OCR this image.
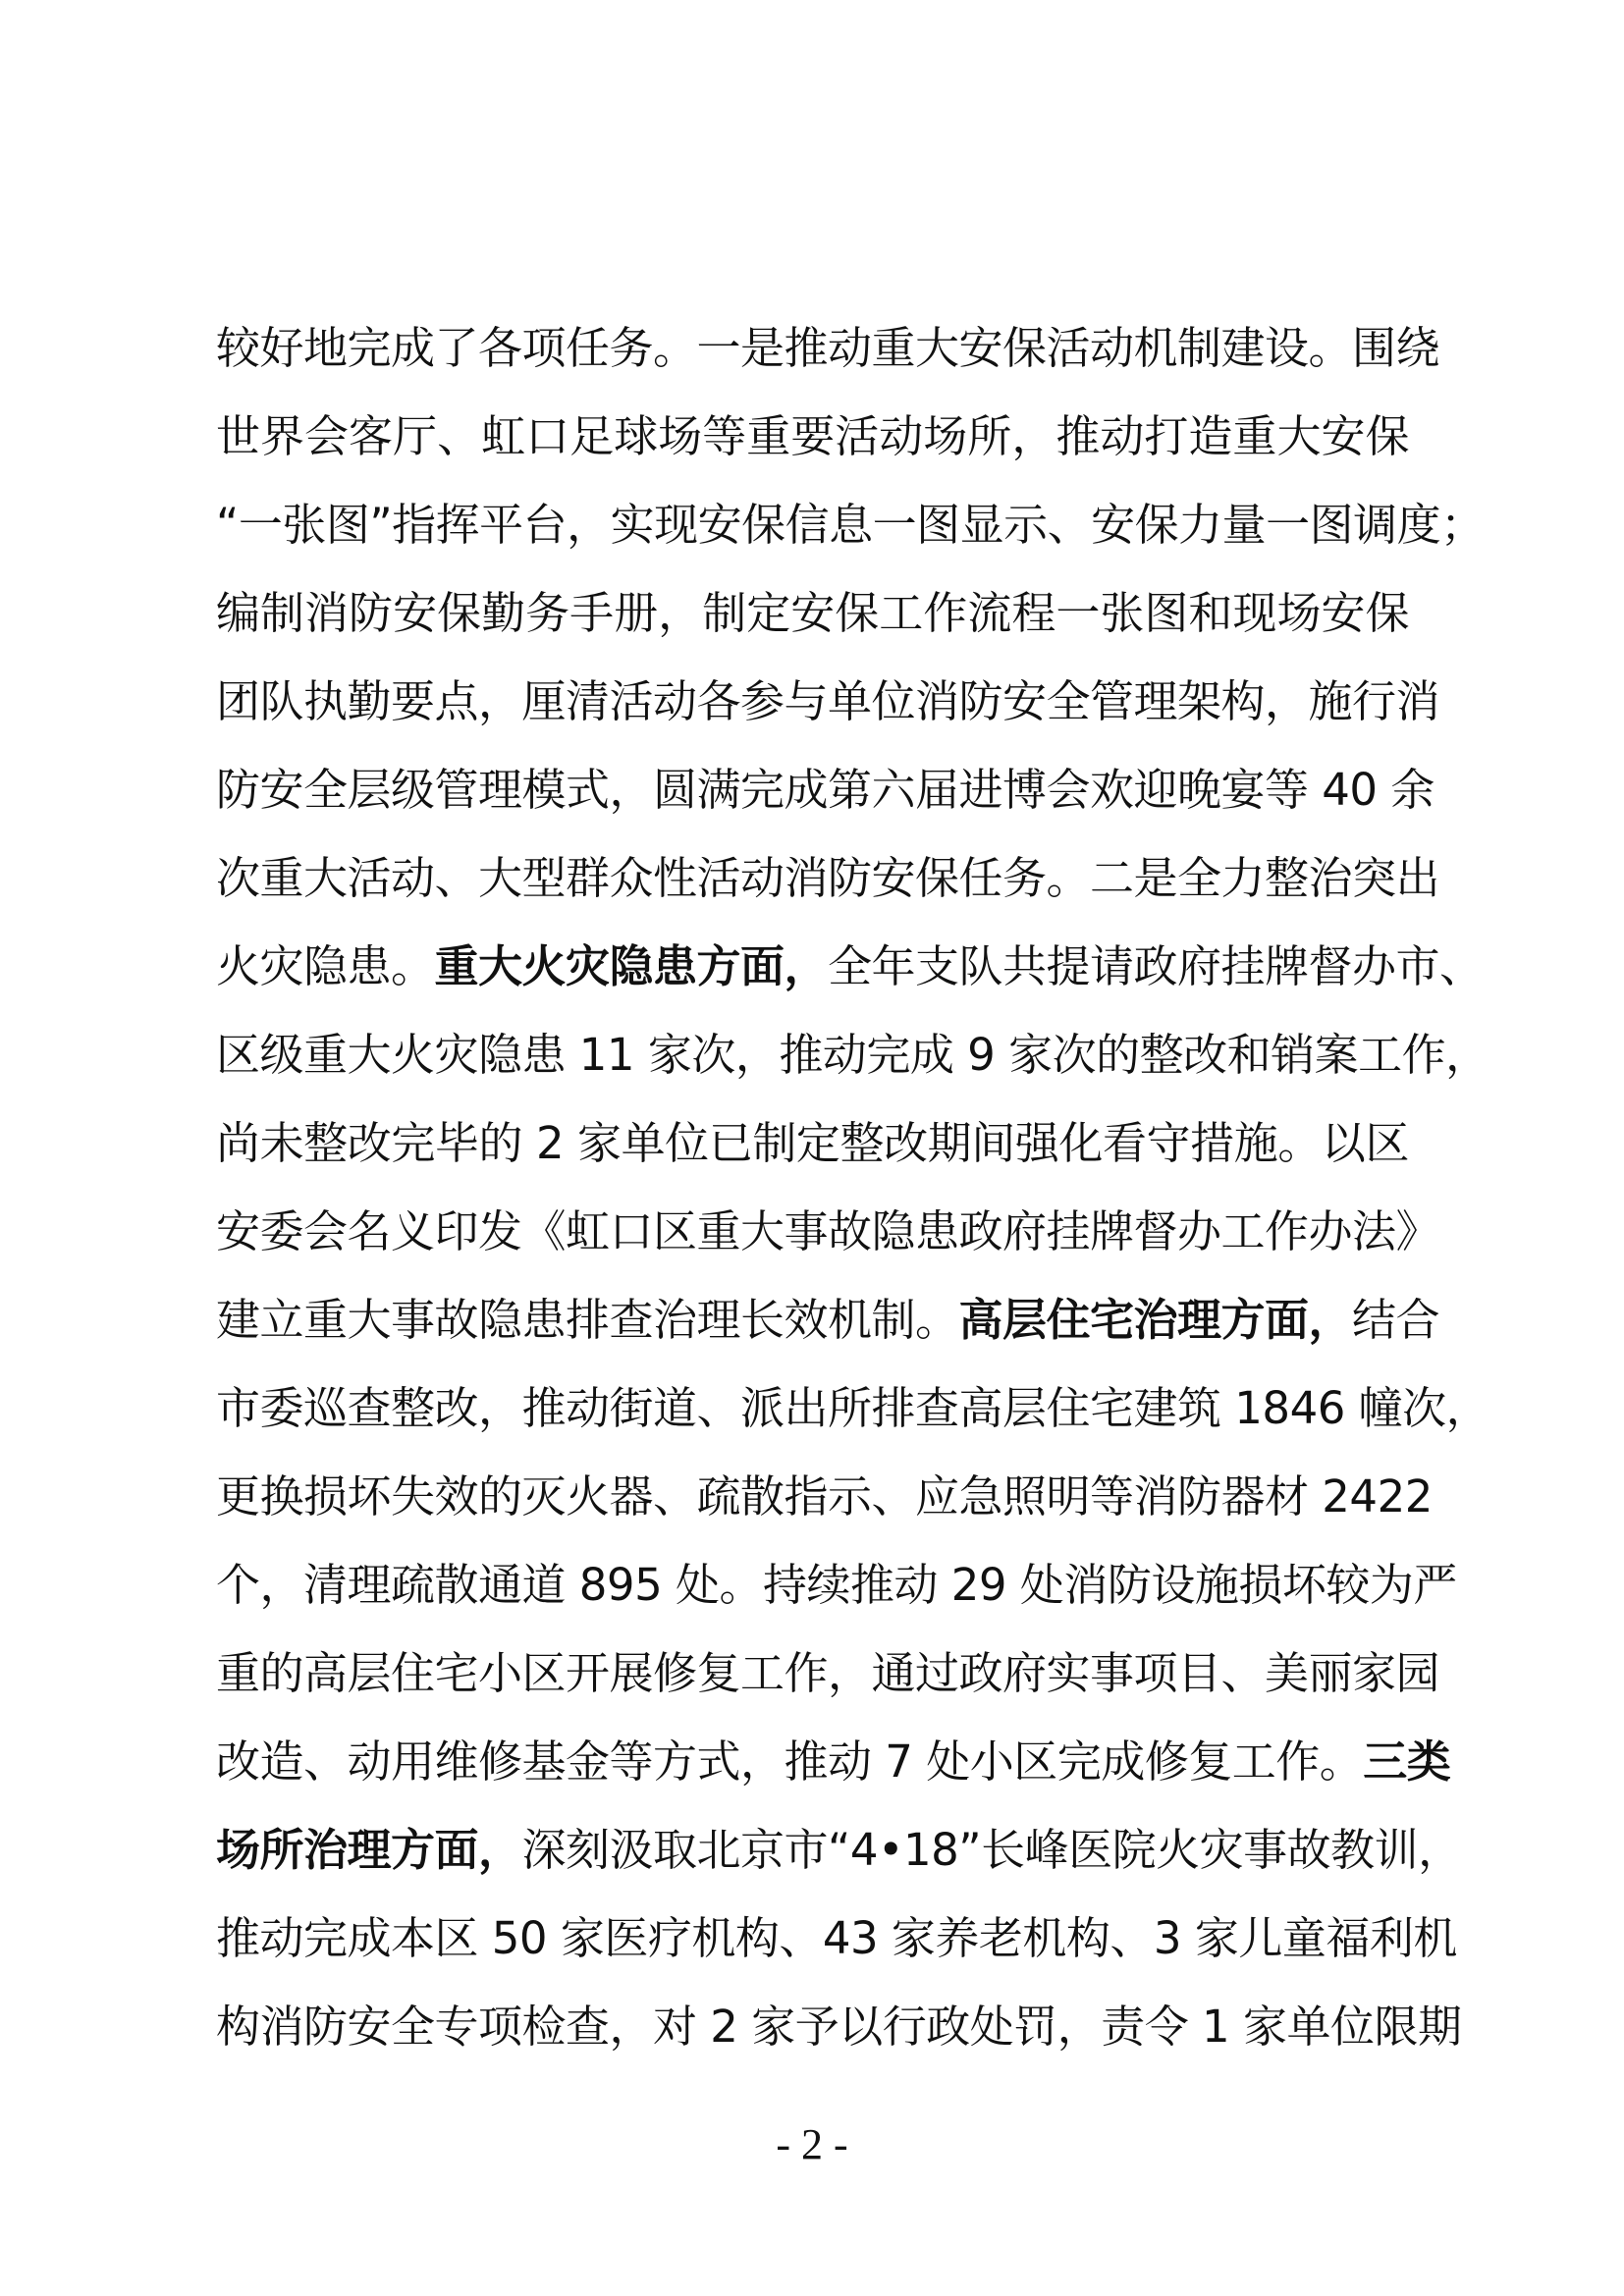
较好地完成了各项任务。一是推动重大安保活动机制建设。围绕
世界会客厅、虹口足球场等重要活动场所，推动打造重大安保
“一张图”指挥平台，实现安保信息一图显示、安保力量一图调度；
编制消防安保勤务手册，制定安保工作流程一张图和现场安保
团队执勤要点，厘清活动各参与单位消防安全管理架构，施行消
防安全层级管理模式，圆满完成第六届进博会欢迎晚宴等 40 余
次重大活动、大型群众性活动消防安保任务。二是全力整治突出
火灾隐患。重大火灾隐患方面，全年支队共提请政府挂牌督办市、
区级重大火灾隐患 11 家次，推动完成 9 家次的整改和销案工作，
尚未整改完毕的 2 家单位已制定整改期间强化看守措施。以区
安委会名义印发《虹口区重大事故隐患政府挂牌督办工作办法》
建立重大事故隐患排查治理长效机制。高层住宅治理方面，结合
市委巡查整改，推动街道、派出所排查高层住宅建筑 1846 幢次，
更换损坏失效的灭火器、疏散指示、应急照明等消防器材 2422
个，清理疏散通道 895 处。持续推动 29 处消防设施损坏较为严
重的高层住宅小区开展修复工作，通过政府实事项目、美丽家园
改造、动用维修基金等方式，推动 7 处小区完成修复工作。三类
场所治理方面，深刻汲取北京市“4•18”长峰医院火灾事故教训，
推动完成本区 50 家医疗机构、43 家养老机构、3 家儿童福利机
构消防安全专项检查，对 2 家予以行政处罚，责令 1 家单位限期
- 2 -
